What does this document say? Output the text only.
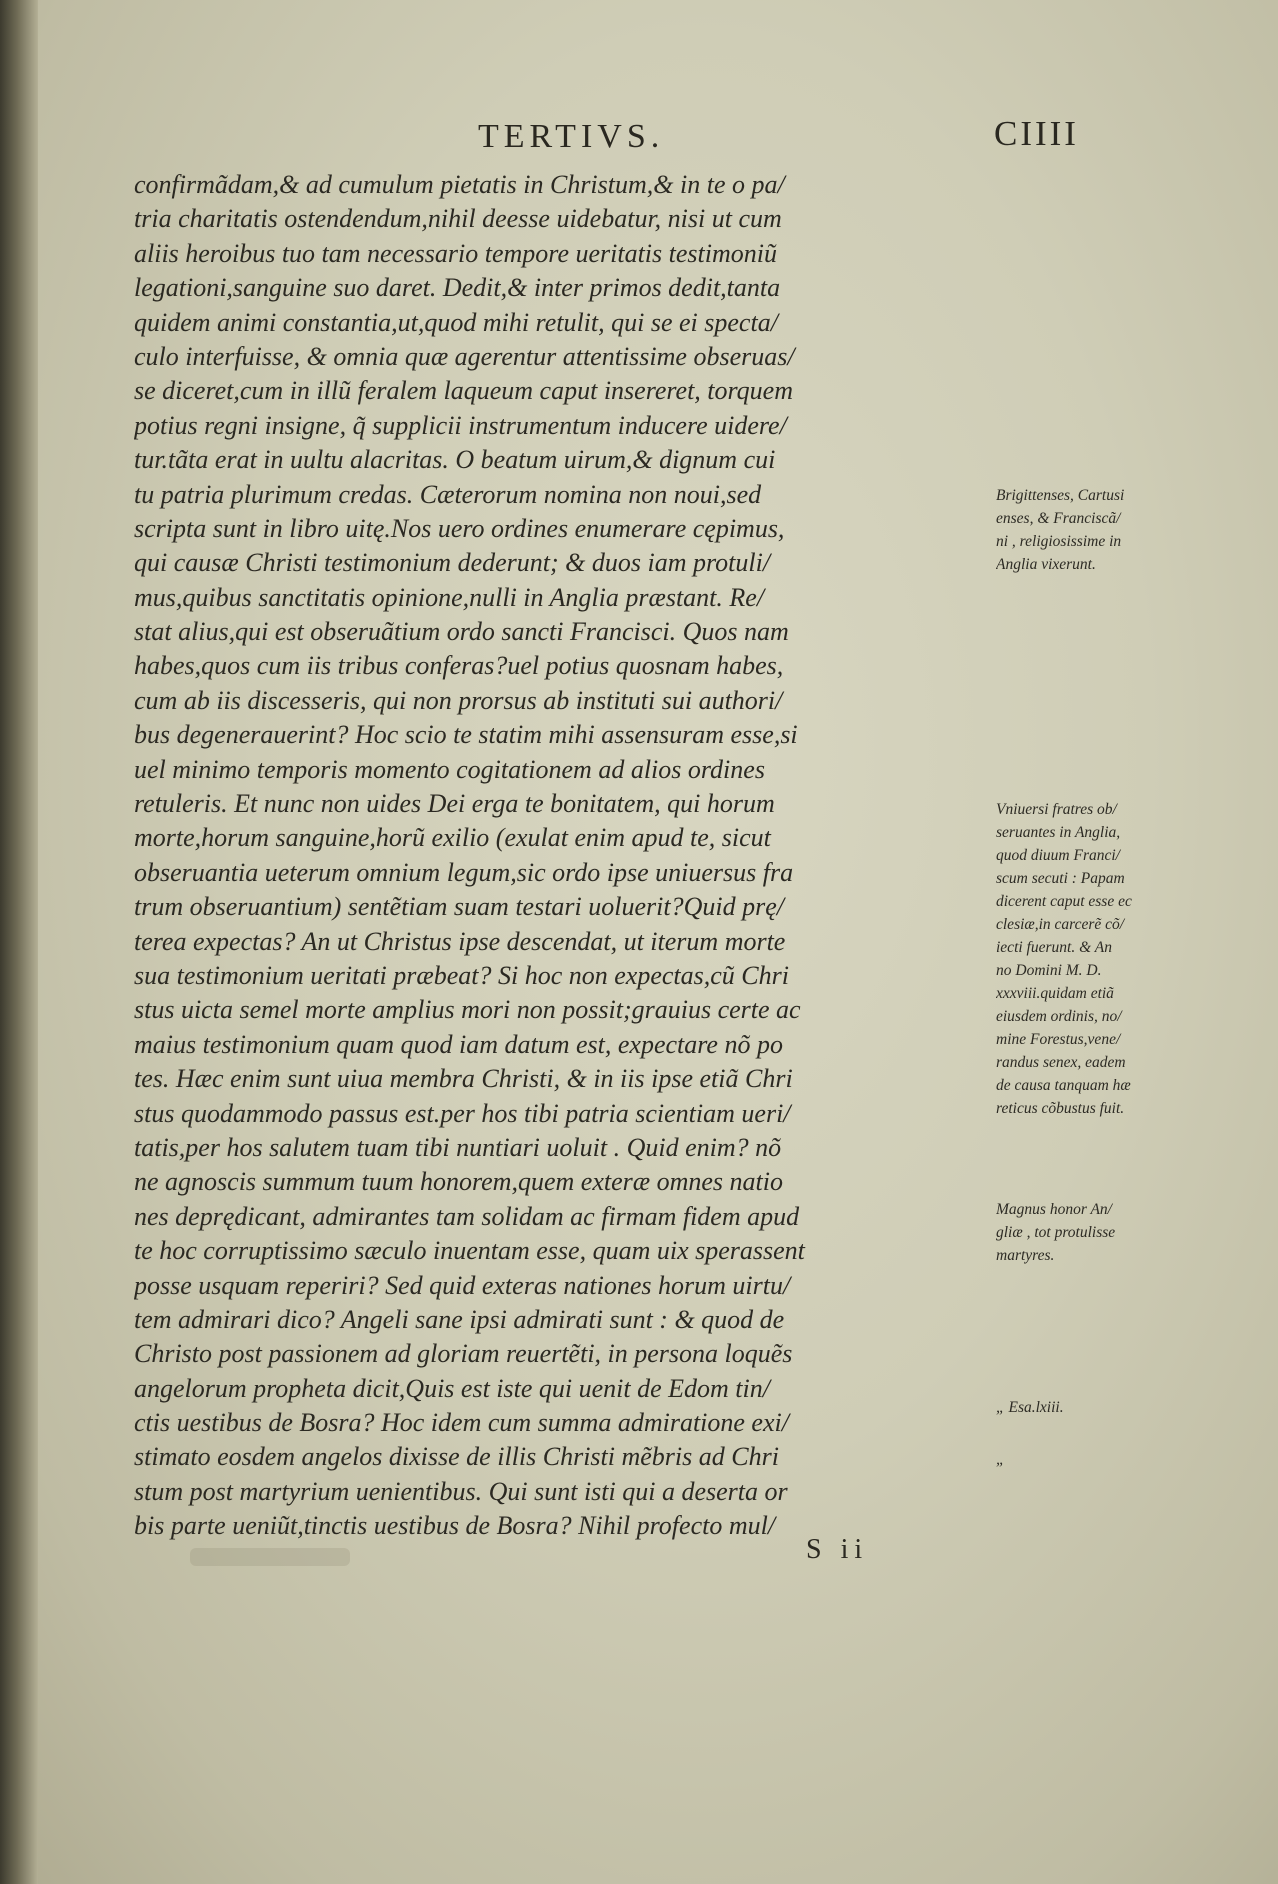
TERTIVS.	CIIII
confirmãdam,& ad cumulum pietatis in Christum,& in te o pa/
tria charitatis ostendendum,nihil deesse uidebatur, nisi ut cum
aliis heroibus tuo tam necessario tempore ueritatis testimoniũ
legationi,sanguine suo daret. Dedit,& inter primos dedit,tanta
quidem animi constantia,ut,quod mihi retulit, qui se ei specta/
culo interfuisse, & omnia quæ agerentur attentissime obseruas/
se diceret,cum in illũ feralem laqueum caput insereret, torquem
potius regni insigne, q̃ supplicii instrumentum inducere uidere/
tur.tãta erat in uultu alacritas. O beatum uirum,& dignum cui
tu patria plurimum credas. Cæterorum nomina non noui,sed
scripta sunt in libro uitę.Nos uero ordines enumerare cępimus,
qui causæ Christi testimonium dederunt; & duos iam protuli/
mus,quibus sanctitatis opinione,nulli in Anglia præstant. Re/
stat alius,qui est obseruãtium ordo sancti Francisci. Quos nam
habes,quos cum iis tribus conferas?uel potius quosnam habes,
cum ab iis discesseris, qui non prorsus ab instituti sui authori/
bus degenerauerint? Hoc scio te statim mihi assensuram esse,si
uel minimo temporis momento cogitationem ad alios ordines
retuleris. Et nunc non uides Dei erga te bonitatem, qui horum
morte,horum sanguine,horũ exilio (exulat enim apud te, sicut
obseruantia ueterum omnium legum,sic ordo ipse uniuersus fra
trum obseruantium) sentẽtiam suam testari uoluerit?Quid prę/
terea expectas? An ut Christus ipse descendat, ut iterum morte
sua testimonium ueritati præbeat? Si hoc non expectas,cũ Chri
stus uicta semel morte amplius mori non possit;grauius certe ac
maius testimonium quam quod iam datum est, expectare nõ po
tes. Hæc enim sunt uiua membra Christi, & in iis ipse etiã Chri
stus quodammodo passus est.per hos tibi patria scientiam ueri/
tatis,per hos salutem tuam tibi nuntiari uoluit . Quid enim? nõ
ne agnoscis summum tuum honorem,quem exteræ omnes natio
nes deprędicant, admirantes tam solidam ac firmam fidem apud
te hoc corruptissimo sæculo inuentam esse, quam uix sperassent
posse usquam reperiri? Sed quid exteras nationes horum uirtu/
tem admirari dico? Angeli sane ipsi admirati sunt : & quod de
Christo post passionem ad gloriam reuertẽti, in persona loquẽs
angelorum propheta dicit,Quis est iste qui uenit de Edom tin/
ctis uestibus de Bosra? Hoc idem cum summa admiratione exi/
stimato eosdem angelos dixisse de illis Christi mẽbris ad Chri
stum post martyrium uenientibus. Qui sunt isti qui a deserta or
bis parte ueniũt,tinctis uestibus de Bosra? Nihil profecto mul/
Brigittenses, Cartusi
enses, & Franciscã/
ni , religiosissime in
Anglia vixerunt.
Vniuersi fratres ob/
seruantes in Anglia,
quod diuum Franci/
scum secuti : Papam
dicerent caput esse ec
clesiæ,in carcerẽ cõ/
iecti fuerunt. & An
no Domini M. D.
xxxviii.quidam etiã
eiusdem ordinis, no/
mine Forestus,vene/
randus senex, eadem
de causa tanquam hæ
reticus cõbustus fuit.
Magnus honor An/
gliæ , tot protulisse
martyres.
„ Esa.lxiii.
„
S ii
